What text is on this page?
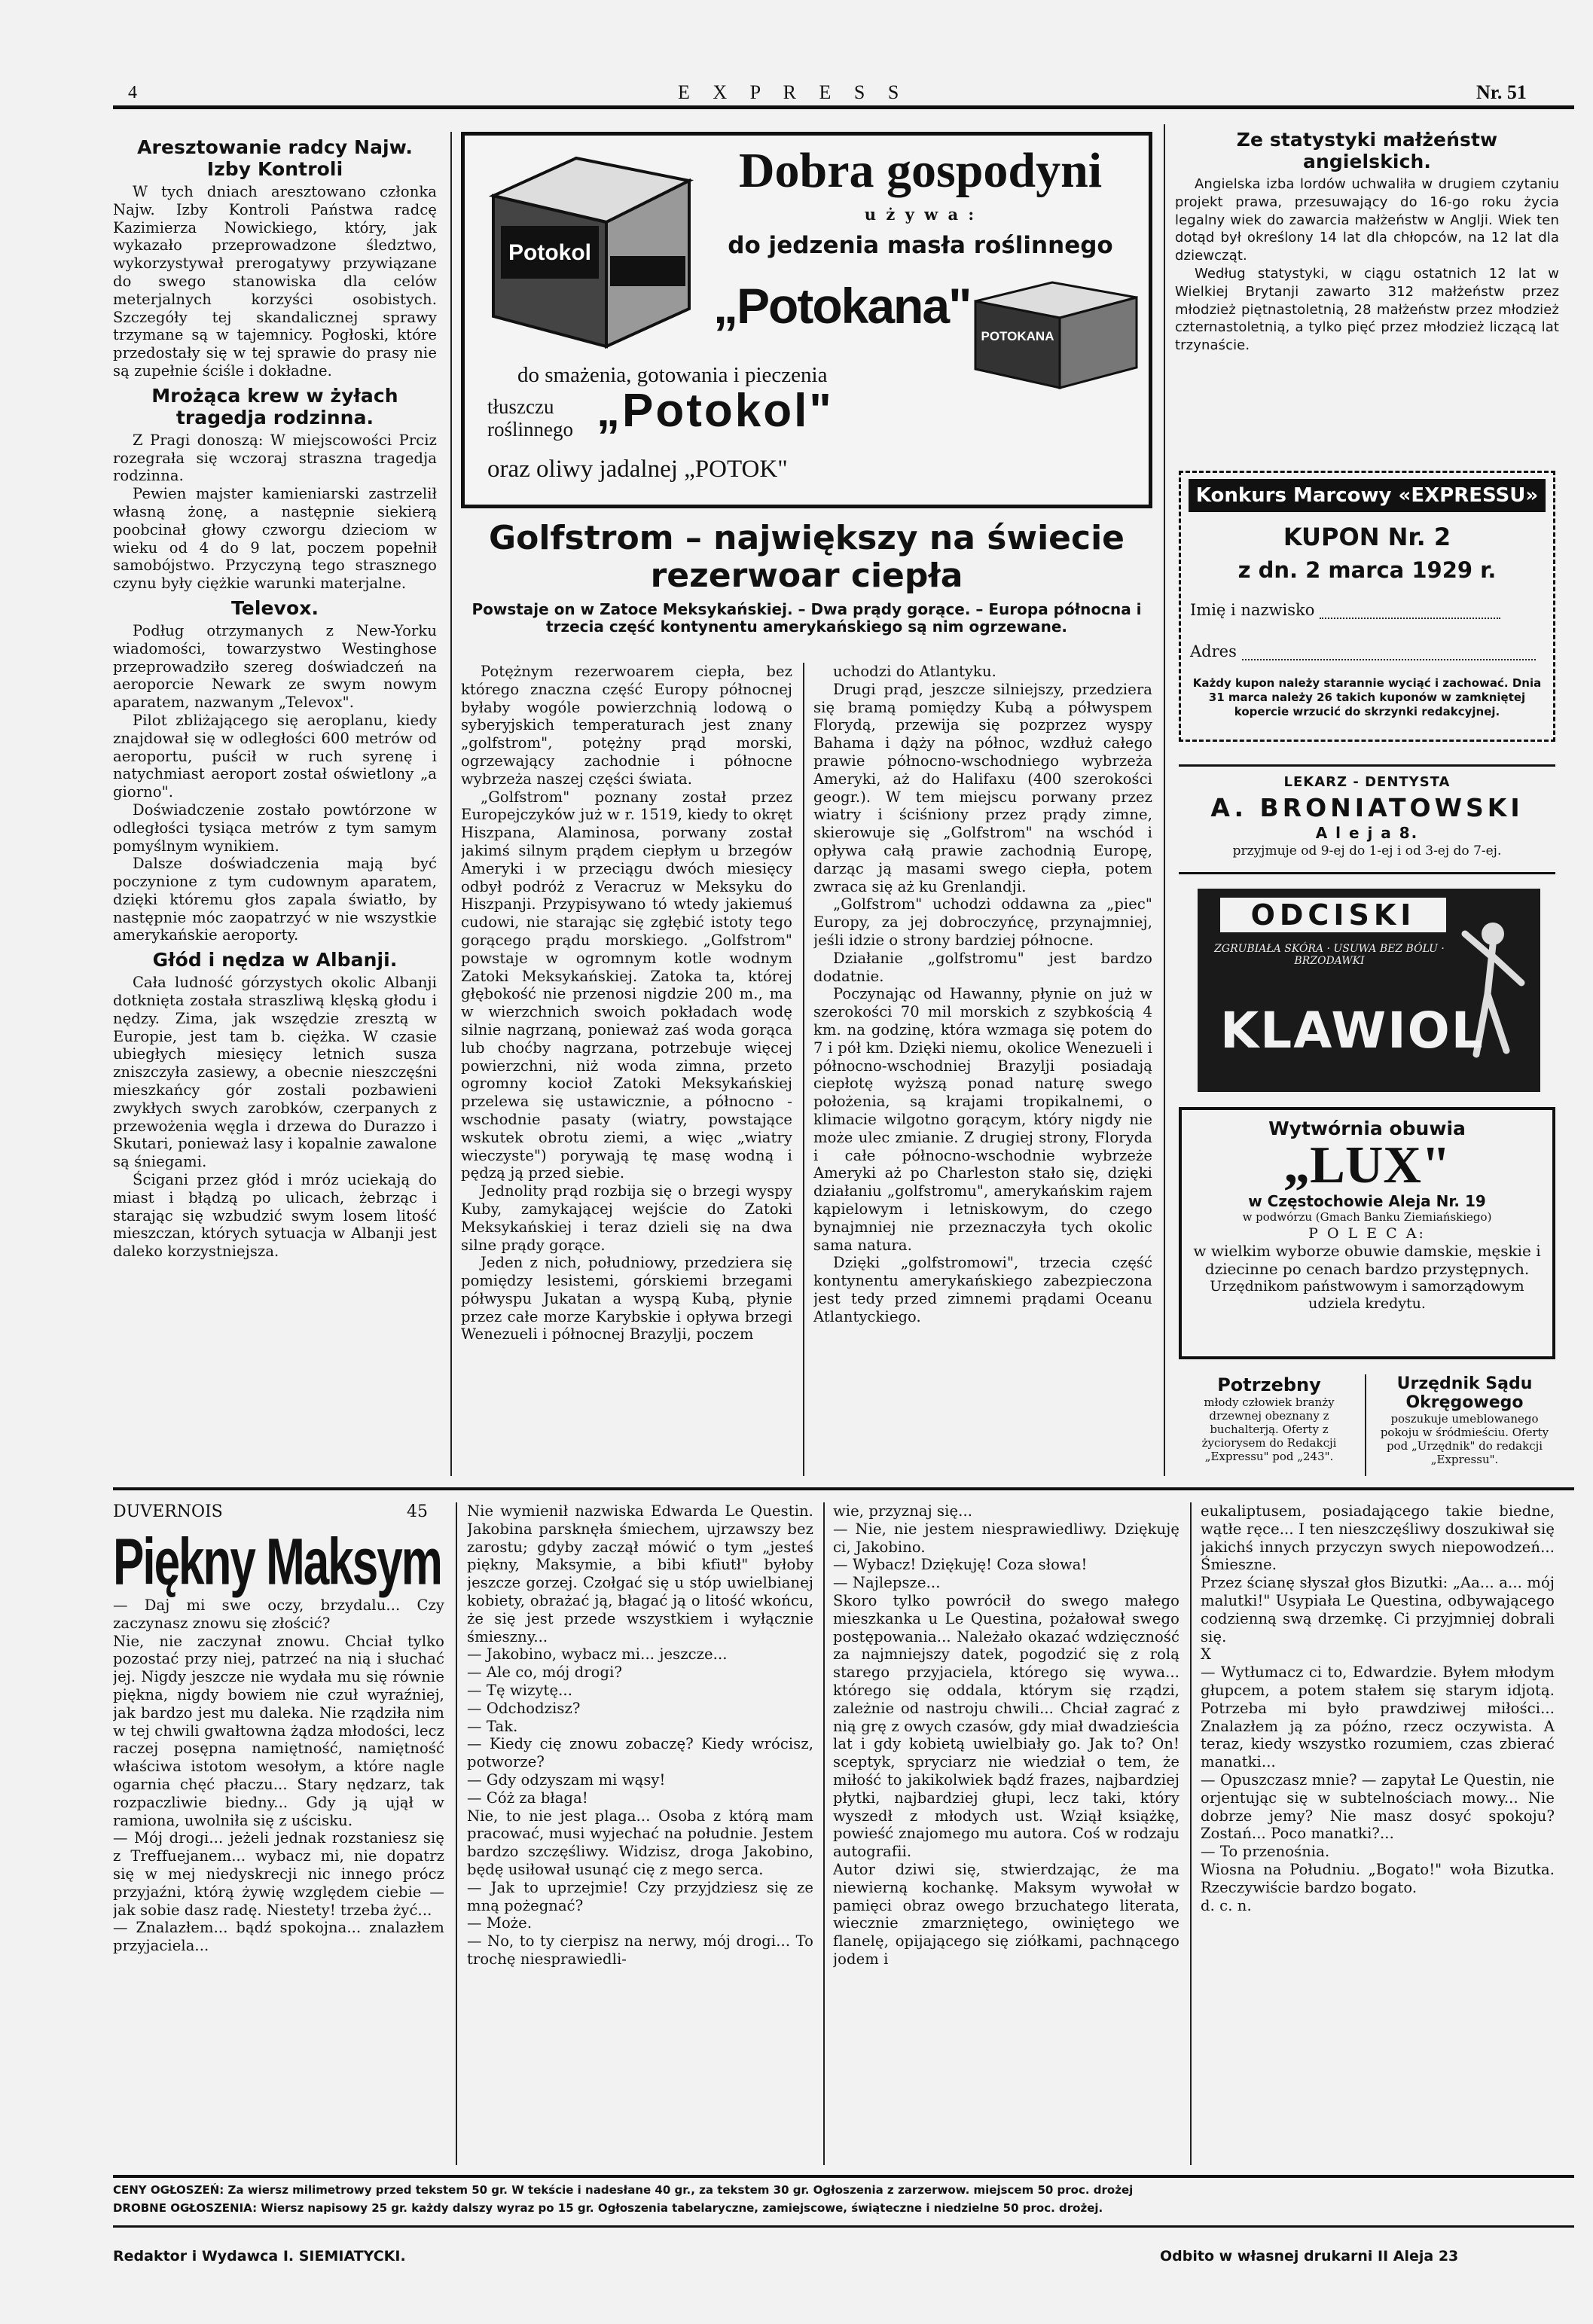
4	E X P R E S S	Nr. 51
Aresztowanie radcy Najw. Izby Kontroli

W tych dniach aresztowano członka Najw. Izby Kontroli Państwa radcę Kazimierza Nowickiego, który, jak wykazało przeprowadzone śledztwo, wykorzystywał prerogatywy przywiązane do swego stanowiska dla celów meterjalnych korzyści osobistych. Szczegóły tej skandalicznej sprawy trzymane są w tajemnicy. Pogłoski, które przedostały się w tej sprawie do prasy nie są zupełnie ściśle i dokładne.

Mrożąca krew w żyłach tragedja rodzinna.

Z Pragi donoszą: W miejscowości Prciz rozegrała się wczoraj straszna tragedja rodzinna.

Pewien majster kamieniarski zastrzelił własną żonę, a następnie siekierą poobcinał głowy czworgu dzieciom w wieku od 4 do 9 lat, poczem popełnił samobójstwo. Przyczyną tego strasznego czynu były ciężkie warunki materjalne.

Televox.

Podług otrzymanych z New-Yorku wiadomości, towarzystwo Westinghose przeprowadziło szereg doświadczeń na aeroporcie Newark ze swym nowym aparatem, nazwanym „Televox".

Pilot zbliżającego się aeroplanu, kiedy znajdował się w odległości 600 metrów od aeroportu, puścił w ruch syrenę i natychmiast aeroport został oświetlony „a giorno".

Doświadczenie zostało powtórzone w odległości tysiąca metrów z tym samym pomyślnym wynikiem.

Dalsze doświadczenia mają być poczynione z tym cudownym aparatem, dzięki któremu głos zapala światło, by następnie móc zaopatrzyć w nie wszystkie amerykańskie aeroporty.

Głód i nędza w Albanji.

Cała ludność górzystych okolic Albanji dotknięta została straszliwą klęską głodu i nędzy. Zima, jak wszędzie zresztą w Europie, jest tam b. ciężka. W czasie ubiegłych miesięcy letnich susza zniszczyła zasiewy, a obecnie nieszczęśni mieszkańcy gór zostali pozbawieni zwykłych swych zarobków, czerpanych z przewożenia węgla i drzewa do Durazzo i Skutari, ponieważ lasy i kopalnie zawalone są śniegami.

Ścigani przez głód i mróz uciekają do miast i błądzą po ulicach, żebrząc i starając się wzbudzić swym losem litość mieszczan, których sytuacja w Albanji jest daleko korzystniejsza.

Potokol
Dobra gospodyni
u ż y w a :
do jedzenia masła roślinnego
„Potokana"
POTOKANA
do smażenia, gotowania i pieczenia
tłuszczu roślinnego „Potokol"
oraz oliwy jadalnej „POTOK"
Golfstrom – największy na świecie rezerwoar ciepła
Powstaje on w Zatoce Meksykańskiej. – Dwa prądy gorące. – Europa północna i trzecia część kontynentu amerykańskiego są nim ogrzewane.

Potężnym rezerwoarem ciepła, bez którego znaczna część Europy północnej byłaby wogóle powierzchnią lodową o syberyjskich temperaturach jest znany „golfstrom", potężny prąd morski, ogrzewający zachodnie i północne wybrzeża naszej części świata.

„Golfstrom" poznany został przez Europejczyków już w r. 1519, kiedy to okręt Hiszpana, Alaminosa, porwany został jakimś silnym prądem ciepłym u brzegów Ameryki i w przeciągu dwóch miesięcy odbył podróż z Veracruz w Meksyku do Hiszpanji. Przypisywano tó wtedy jakiemuś cudowi, nie starając się zgłębić istoty tego gorącego prądu morskiego. „Golfstrom" powstaje w ogromnym kotle wodnym Zatoki Meksykańskiej. Zatoka ta, której głębokość nie przenosi nigdzie 200 m., ma w wierzchnich swoich pokładach wodę silnie nagrzaną, ponieważ zaś woda gorąca lub choćby nagrzana, potrzebuje więcej powierzchni, niż woda zimna, przeto ogromny kocioł Zatoki Meksykańskiej przelewa się ustawicznie, a północno - wschodnie pasaty (wiatry, powstające wskutek obrotu ziemi, a więc „wiatry wieczyste") porywają tę masę wodną i pędzą ją przed siebie.

Jednolity prąd rozbija się o brzegi wyspy Kuby, zamykającej wejście do Zatoki Meksykańskiej i teraz dzieli się na dwa silne prądy gorące.

Jeden z nich, południowy, przedziera się pomiędzy lesistemi, górskiemi brzegami półwyspu Jukatan a wyspą Kubą, płynie przez całe morze Karybskie i opływa brzegi Wenezueli i północnej Brazylji, poczem

uchodzi do Atlantyku.

Drugi prąd, jeszcze silniejszy, przedziera się bramą pomiędzy Kubą a półwyspem Florydą, przewija się pozprzez wyspy Bahama i dąży na północ, wzdłuż całego prawie północno-wschodniego wybrzeża Ameryki, aż do Halifaxu (400 szerokości geogr.). W tem miejscu porwany przez wiatry i ściśniony przez prądy zimne, skierowuje się „Golfstrom" na wschód i opływa całą prawie zachodnią Europę, darząc ją masami swego ciepła, potem zwraca się aż ku Grenlandji.

„Golfstrom" uchodzi oddawna za „piec" Europy, za jej dobroczyńcę, przynajmniej, jeśli idzie o strony bardziej północne.

Działanie „golfstromu" jest bardzo dodatnie.

Poczynając od Hawanny, płynie on już w szerokości 70 mil morskich z szybkością 4 km. na godzinę, która wzmaga się potem do 7 i pół km. Dzięki niemu, okolice Wenezueli i północno-wschodniej Brazylji posiadają ciepłotę wyższą ponad naturę swego położenia, są krajami tropikalnemi, o klimacie wilgotno gorącym, który nigdy nie może ulec zmianie. Z drugiej strony, Floryda i całe północno-wschodnie wybrzeże Ameryki aż po Charleston stało się, dzięki działaniu „golfstromu", amerykańskim rajem kąpielowym i letniskowym, do czego bynajmniej nie przeznaczyła tych okolic sama natura.

Dzięki „golfstromowi", trzecia część kontynentu amerykańskiego zabezpieczona jest tedy przed zimnemi prądami Oceanu Atlantyckiego.

Ze statystyki małżeństw angielskich.

Angielska izba lordów uchwaliła w drugiem czytaniu projekt prawa, przesuwający do 16-go roku życia legalny wiek do zawarcia małżeństw w Anglji. Wiek ten dotąd był określony 14 lat dla chłopców, na 12 lat dla dziewcząt.

Według statystyki, w ciągu ostatnich 12 lat w Wielkiej Brytanji zawarto 312 małżeństw przez młodzież piętnastoletnią, 28 małżeństw przez młodzież czternastoletnią, a tylko pięć przez młodzież liczącą lat trzynaście.

Konkurs Marcowy «EXPRESSU»
KUPON Nr. 2
z dn. 2 marca 1929 r.
Imię i nazwisko
Adres
Każdy kupon należy starannie wyciąć i zachować. Dnia 31 marca należy 26 takich kuponów w zamkniętej kopercie wrzucić do skrzynki redakcyjnej.
LEKARZ - DENTYSTA
A. BRONIATOWSKI
A l e j a 8.
przyjmuje od 9-ej do 1-ej i od 3-ej do 7-ej.
ODCISKI
ZGRUBIAŁA SKÓRA · USUWA BEZ BÓLU · BRZODAWKI
KLAWIOL
Wytwórnia obuwia
„LUX"
w Częstochowie Aleja Nr. 19
w podwórzu (Gmach Banku Ziemiańskiego)
P O L E C A:
w wielkim wyborze obuwie damskie, męskie i dziecinne po cenach bardzo przystępnych.
Urzędnikom państwowym i samorządowym udziela kredytu.
Potrzebny
młody człowiek branży drzewnej obeznany z buchalterją. Oferty z życiorysem do Redakcji „Expressu" pod „243".
Urzędnik Sądu Okręgowego
poszukuje umeblowanego pokoju w śródmieściu. Oferty pod „Urzędnik" do redakcji „Expressu".
DUVERNOIS	45
Piękny Maksym
— Daj mi swe oczy, brzydalu... Czy zaczynasz znowu się złościć?
Nie, nie zaczynał znowu. Chciał tylko pozostać przy niej, patrzeć na nią i słuchać jej. Nigdy jeszcze nie wydała mu się równie piękna, nigdy bowiem nie czuł wyraźniej, jak bardzo jest mu daleka. Nie rządziła nim w tej chwili gwałtowna żądza młodości, lecz raczej posępna namiętność, namiętność właściwa istotom wesołym, a które nagle ogarnia chęć płaczu... Stary nędzarz, tak rozpaczliwie biedny... Gdy ją ujął w ramiona, uwolniła się z uścisku.
— Mój drogi... jeżeli jednak rozstaniesz się z Treffuejanem... wybacz mi, nie dopatrz się w mej niedyskrecji nic innego prócz przyjaźni, którą żywię względem ciebie — jak sobie dasz radę. Niestety! trzeba żyć...
— Znalazłem... bądź spokojna... znalazłem przyjaciela...
Nie wymienił nazwiska Edwarda Le Questin. Jakobina parsknęła śmiechem, ujrzawszy bez zarostu; gdyby zaczął mówić o tym „jesteś piękny, Maksymie, a bibi kfiutł" byłoby jeszcze gorzej. Czołgać się u stóp uwielbianej kobiety, obrażać ją, błagać ją o litość wkońcu, że się jest przede wszystkiem i wyłącznie śmieszny...
— Jakobino, wybacz mi... jeszcze...
— Ale co, mój drogi?
— Tę wizytę...
— Odchodzisz?
— Tak.
— Kiedy cię znowu zobaczę? Kiedy wrócisz, potworze?
— Gdy odzyszam mi wąsy!
— Cóż za błaga!
Nie, to nie jest plaga... Osoba z którą mam pracować, musi wyjechać na południe. Jestem bardzo szczęśliwy. Widzisz, droga Jakobino, będę usiłował usunąć cię z mego serca.
— Jak to uprzejmie! Czy przyjdziesz się ze mną pożegnać?
— Może.
— No, to ty cierpisz na nerwy, mój drogi... To trochę niesprawiedli-
wie, przyznaj się...
— Nie, nie jestem niesprawiedliwy. Dziękuję ci, Jakobino.
— Wybacz! Dziękuję! Coza słowa!
— Najlepsze...
Skoro tylko powrócił do swego małego mieszkanka u Le Questina, pożałował swego postępowania... Należało okazać wdzięczność za najmniejszy datek, pogodzić się z rolą starego przyjaciela, którego się wywa... którego się oddala, którym się rządzi, zależnie od nastroju chwili... Chciał zagrać z nią grę z owych czasów, gdy miał dwadzieścia lat i gdy kobietą uwielbiały go. Jak to? On! sceptyk, spryciarz nie wiedział o tem, że miłość to jakikolwiek bądź frazes, najbardziej płytki, najbardziej głupi, lecz taki, który wyszedł z młodych ust. Wziął książkę, powieść znajomego mu autora. Coś w rodzaju autografii.
Autor dziwi się, stwierdzając, że ma niewierną kochankę. Maksym wywołał w pamięci obraz owego brzuchatego literata, wiecznie zmarzniętego, owiniętego we flanelę, opijającego się ziółkami, pachnącego jodem i
eukaliptusem, posiadającego takie biedne, wątłe ręce... I ten nieszczęśliwy doszukiwał się jakichś innych przyczyn swych niepowodzeń... Śmieszne.
Przez ścianę słyszał głos Bizutki: „Aa... a... mój malutki!" Usypiała Le Questina, odbywającego codzienną swą drzemkę. Ci przyjmniej dobrali się.
X
— Wytłumacz ci to, Edwardzie. Byłem młodym głupcem, a potem stałem się starym idjotą. Potrzeba mi było prawdziwej miłości... Znalazłem ją za późno, rzecz oczywista. A teraz, kiedy wszystko rozumiem, czas zbierać manatki...
— Opuszczasz mnie? — zapytał Le Questin, nie orjentując się w subtelnościach mowy... Nie dobrze jemy? Nie masz dosyć spokoju? Zostań... Poco manatki?...
— To przenośnia.
Wiosna na Południu. „Bogato!" woła Bizutka. Rzeczywiście bardzo bogato.
d. c. n.
CENY OGŁOSZEŃ: Za wiersz milimetrowy przed tekstem 50 gr. W tekście i nadesłane 40 gr., za tekstem 30 gr. Ogłoszenia z zarzerwow. miejscem 50 proc. drożej
DROBNE OGŁOSZENIA: Wiersz napisowy 25 gr. każdy dalszy wyraz po 15 gr. Ogłoszenia tabelaryczne, zamiejscowe, świąteczne i niedzielne 50 proc. drożej.
Redaktor i Wydawca I. SIEMIATYCKI.	Odbito w własnej drukarni II Aleja 23
